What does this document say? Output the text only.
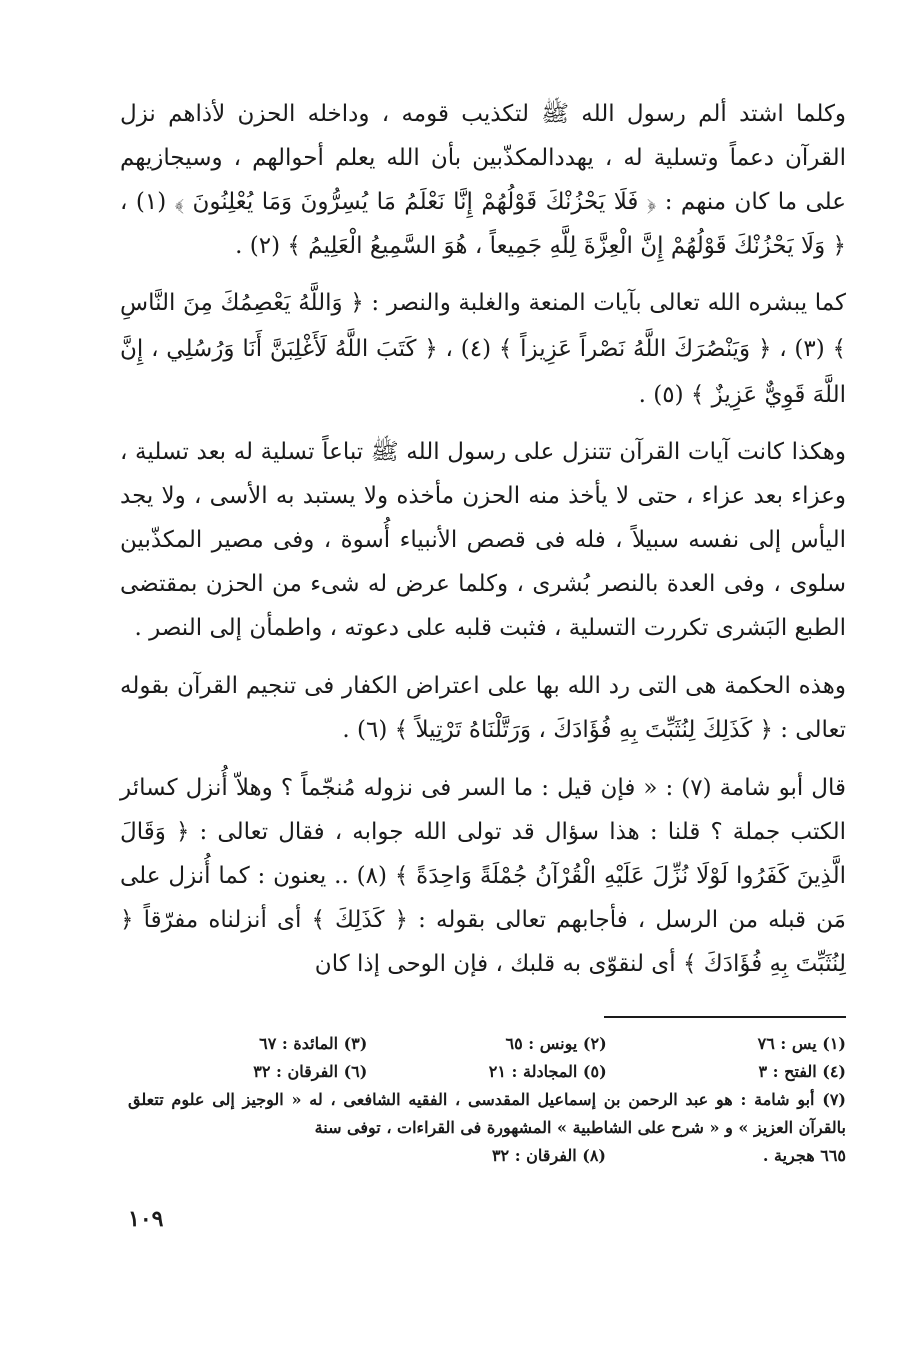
وكلما اشتد ألم رسول الله ﷺ لتكذيب قومه ، وداخله الحزن لأذاهم نزل القرآن دعماً وتسلية له ، يهددالمكذّبين بأن الله يعلم أحوالهم ، وسيجازيهم على ما كان منهم : ﴿ فَلَا يَحْزُنْكَ قَوْلُهُمْ إِنَّا نَعْلَمُ مَا يُسِرُّونَ وَمَا يُعْلِنُونَ ﴾ (١) ، ﴿ وَلَا يَحْزُنْكَ قَوْلُهُمْ إِنَّ الْعِزَّةَ لِلَّهِ جَمِيعاً ، هُوَ السَّمِيعُ الْعَلِيمُ ﴾ (٢) .

كما يبشره الله تعالى بآيات المنعة والغلبة والنصر : ﴿ وَاللَّهُ يَعْصِمُكَ مِنَ النَّاسِ ﴾ (٣) ، ﴿ وَيَنْصُرَكَ اللَّهُ نَصْراً عَزِيزاً ﴾ (٤) ، ﴿ كَتَبَ اللَّهُ لَأَغْلِبَنَّ أَنَا وَرُسُلِي ، إِنَّ اللَّهَ قَوِيٌّ عَزِيزٌ ﴾ (٥) .

وهكذا كانت آيات القرآن تتنزل على رسول الله ﷺ تباعاً تسلية له بعد تسلية ، وعزاء بعد عزاء ، حتى لا يأخذ منه الحزن مأخذه ولا يستبد به الأسى ، ولا يجد اليأس إلى نفسه سبيلاً ، فله فى قصص الأنبياء أُسوة ، وفى مصير المكذّبين سلوى ، وفى العدة بالنصر بُشرى ، وكلما عرض له شىء من الحزن بمقتضى الطبع البَشرى تكررت التسلية ، فثبت قلبه على دعوته ، واطمأن إلى النصر .

وهذه الحكمة هى التى رد الله بها على اعتراض الكفار فى تنجيم القرآن بقوله تعالى : ﴿ كَذَلِكَ لِنُثَبِّتَ بِهِ فُؤَادَكَ ، وَرَتَّلْنَاهُ تَرْتِيلاً ﴾ (٦) .

قال أبو شامة (٧) : « فإن قيل : ما السر فى نزوله مُنجّماً ؟ وهلاّ أُنزل كسائر الكتب جملة ؟ قلنا : هذا سؤال قد تولى الله جوابه ، فقال تعالى : ﴿ وَقَالَ الَّذِينَ كَفَرُوا لَوْلَا نُزِّلَ عَلَيْهِ الْقُرْآنُ جُمْلَةً وَاحِدَةً ﴾ (٨) .. يعنون : كما أُنزل على مَن قبله من الرسل ، فأجابهم تعالى بقوله : ﴿ كَذَلِكَ ﴾ أى أنزلناه مفرّقاً ﴿ لِنُثَبِّتَ بِهِ فُؤَادَكَ ﴾ أى لنقوّى به قلبك ، فإن الوحى إذا كان

(١) يس : ٧٦
(٢) يونس : ٦٥
(٣) المائدة : ٦٧
(٤) الفتح : ٣
(٥) المجادلة : ٢١
(٦) الفرقان : ٣٢

(٧) أبو شامة : هو عبد الرحمن بن إسماعيل المقدسى ، الفقيه الشافعى ، له « الوجيز إلى علوم تتعلق بالقرآن العزيز » و « شرح على الشاطبية » المشهورة فى القراءات ، توفى سنة

٦٦٥ هجرية .
(٨) الفرقان : ٣٢
١٠٩
